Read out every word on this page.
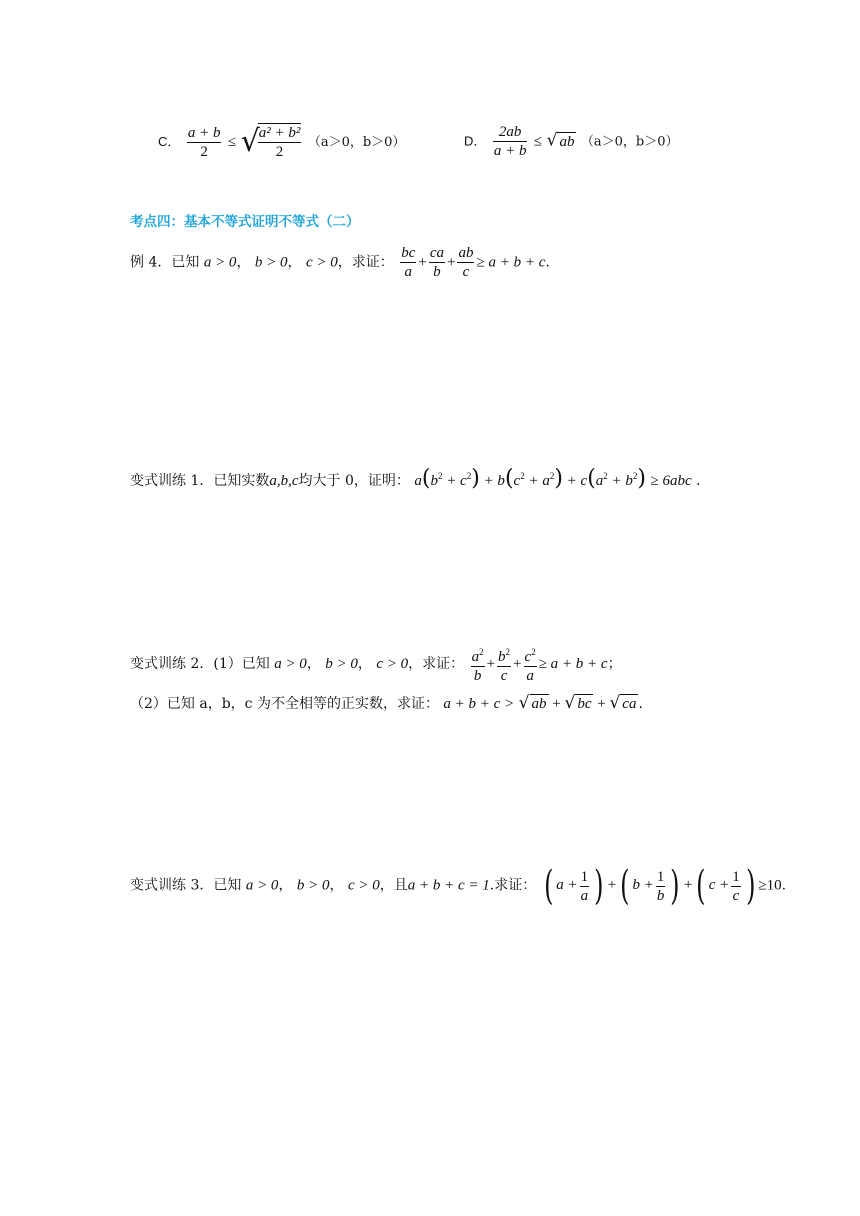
C． $\frac{a + b}{2}$ ≤ √
$\frac{\text{a² + b²}}{2} (a>0$，b＞0）	D． $\frac{2ab}{a + b}$ ≤ √ ab （a＞0，b＞0）
考点四：基本不等式证明不等式（二）
例 4．已知 a > 0， b > 0， c > 0，求证： $\frac{bc}{a} + \frac{ca}{b} + \frac{ab}{c} \ge a + b + c$.
变式训练 1．已知实数a,b,c均大于 0，证明： $a(b^2 + c^2) + b(c^2 + a^2) + c(a^2 + b^2) \ge 6abc$ .
变式训练 2．(1）已知 a > 0， b > 0， c > 0，求证： $\frac{a^2}{b} + \frac{b^2}{c} + \frac{c^2}{a} \ge a + b + c$；
（2）已知 a，b，c 为不全相等的正实数，求证： a + b + c > √ ab + √ bc + √ ca .
变式训练 3．已知 a > 0， b > 0， c > 0，且a + b + c = 1.求证： ( $a + \frac{1}{a}$ ) +( $b + \frac{1}{b}$ ) +( $c + \frac{1}{c}$ ) ≥10.
